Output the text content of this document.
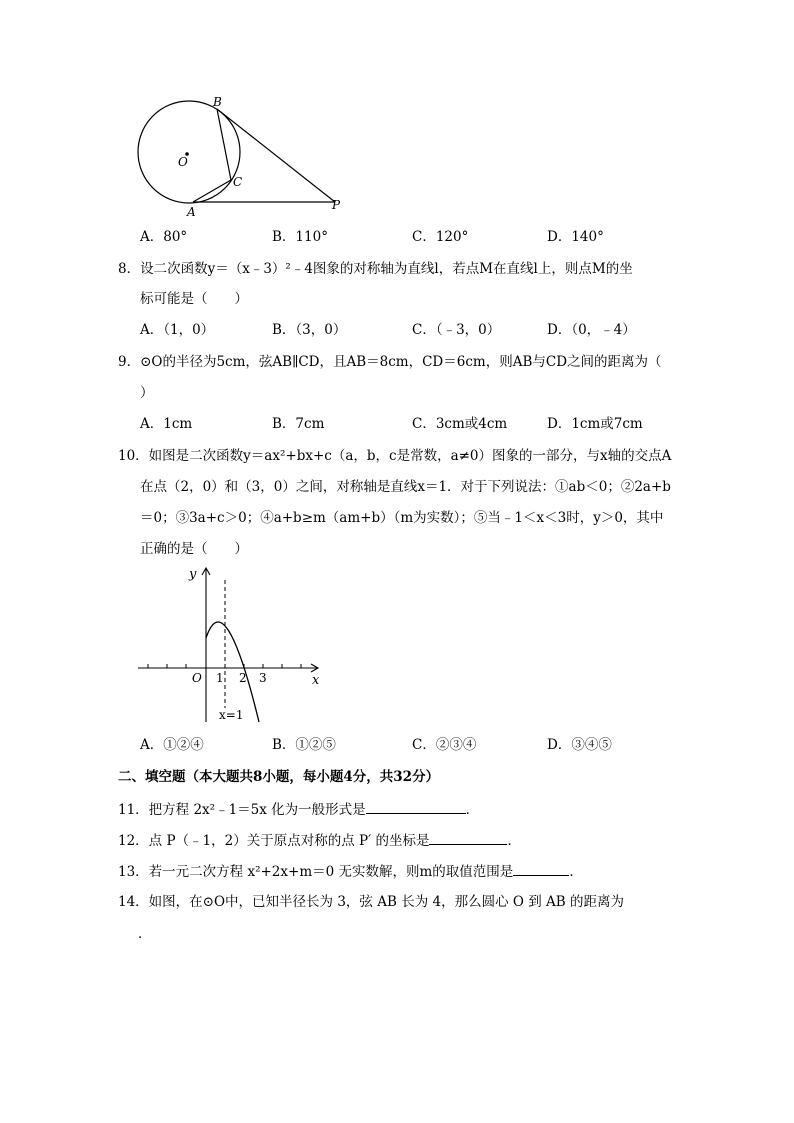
B
O
C
A	P
A．80°	B．110°	C．120°	D．140°
8．设二次函数y＝（x﹣3）²﹣4图象的对称轴为直线l，若点M在直线l上，则点M的坐
标可能是（　　）
A．（1，0）	B．（3，0）	C．（﹣3，0）	D．（0，﹣4）
9．⊙O的半径为5cm，弦AB∥CD，且AB＝8cm，CD＝6cm，则AB与CD之间的距离为（
）
A．1cm	B．7cm	C．3cm或4cm	D．1cm或7cm
10．如图是二次函数y＝ax²+bx+c（a，b，c是常数，a≠0）图象的一部分，与x轴的交点A
在点（2，0）和（3，0）之间，对称轴是直线x＝1．对于下列说法：①ab＜0；②2a+b
＝0；③3a+c＞0；④a+b≥m（am+b）（m为实数）；⑤当﹣1＜x＜3时，y＞0，其中
正确的是（　　）
y
x
O 1 2 3
x=1
A．①②④	B．①②⑤	C．②③④	D．③④⑤
二、填空题（本大题共8小题，每小题4分，共32分）
11．把方程 2x²﹣1＝5x 化为一般形式是	．
12．点 P（﹣1，2）关于原点对称的点 P′ 的坐标是	．
13．若一元二次方程 x²+2x+m＝0 无实数解，则m的取值范围是	．
14．如图，在⊙O中，已知半径长为 3，弦 AB 长为 4，那么圆心 O 到 AB 的距离为
．
